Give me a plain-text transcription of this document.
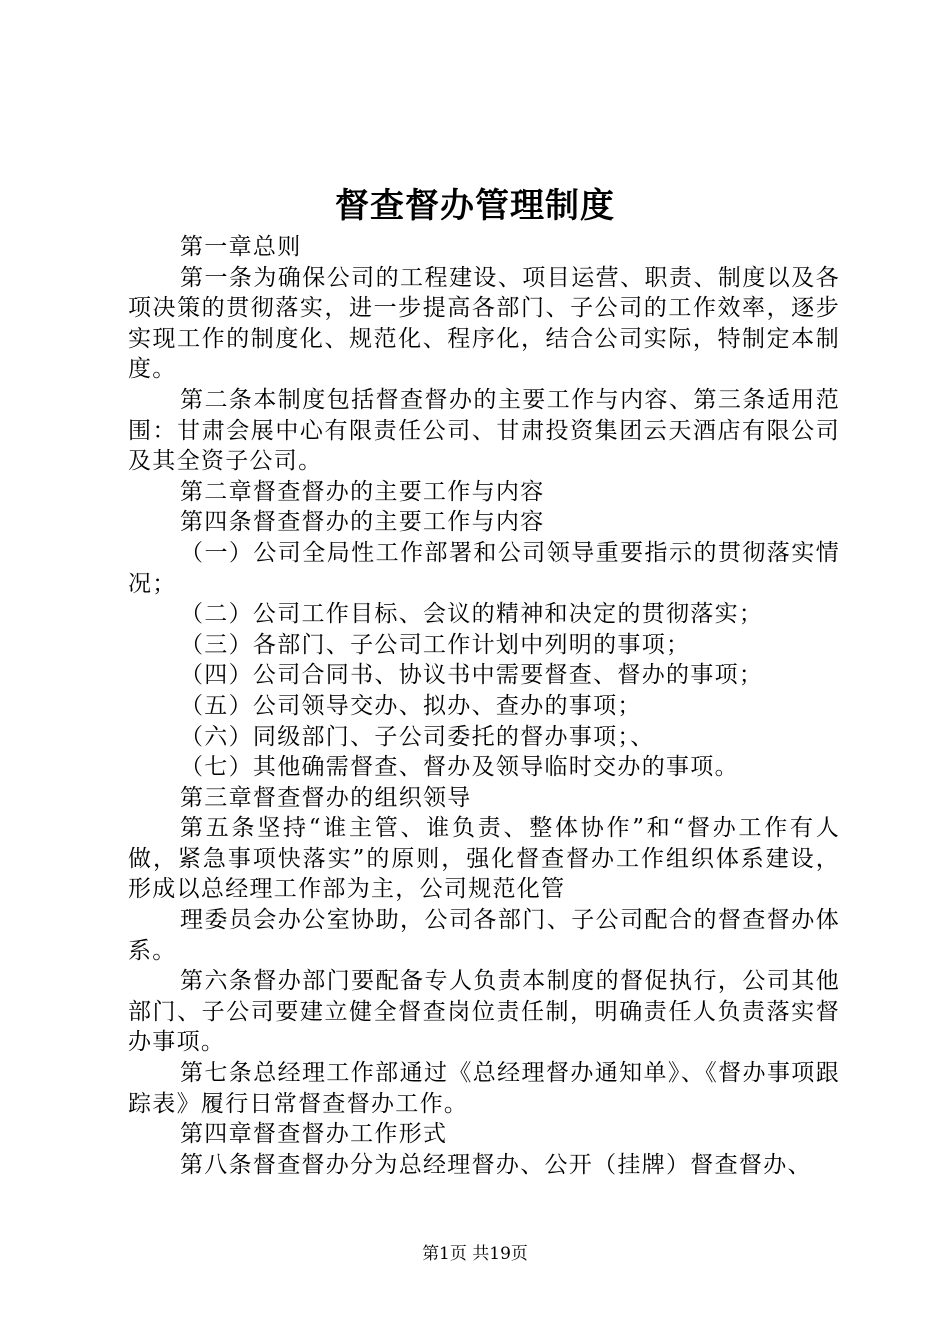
督查督办管理制度

第一章总则

第一条为确保公司的工程建设、项目运营、职责、制度以及各项决策的贯彻落实，进一步提高各部门、子公司的工作效率，逐步实现工作的制度化、规范化、程序化，结合公司实际，特制定本制度。

第二条本制度包括督查督办的主要工作与内容、第三条适用范围：甘肃会展中心有限责任公司、甘肃投资集团云天酒店有限公司及其全资子公司。

第二章督查督办的主要工作与内容

第四条督查督办的主要工作与内容

（一）公司全局性工作部署和公司领导重要指示的贯彻落实情况；

（二）公司工作目标、会议的精神和决定的贯彻落实；

（三）各部门、子公司工作计划中列明的事项；

（四）公司合同书、协议书中需要督查、督办的事项；

（五）公司领导交办、拟办、查办的事项；

（六）同级部门、子公司委托的督办事项；、

（七）其他确需督查、督办及领导临时交办的事项。

第三章督查督办的组织领导

第五条坚持“谁主管、谁负责、整体协作”和“督办工作有人做，紧急事项快落实”的原则，强化督查督办工作组织体系建设，形成以总经理工作部为主，公司规范化管

理委员会办公室协助，公司各部门、子公司配合的督查督办体系。

第六条督办部门要配备专人负责本制度的督促执行，公司其他部门、子公司要建立健全督查岗位责任制，明确责任人负责落实督办事项。

第七条总经理工作部通过《总经理督办通知单》、《督办事项跟踪表》履行日常督查督办工作。

第四章督查督办工作形式

第八条督查督办分为总经理督办、公开（挂牌）督查督办、

第1页 共19页
